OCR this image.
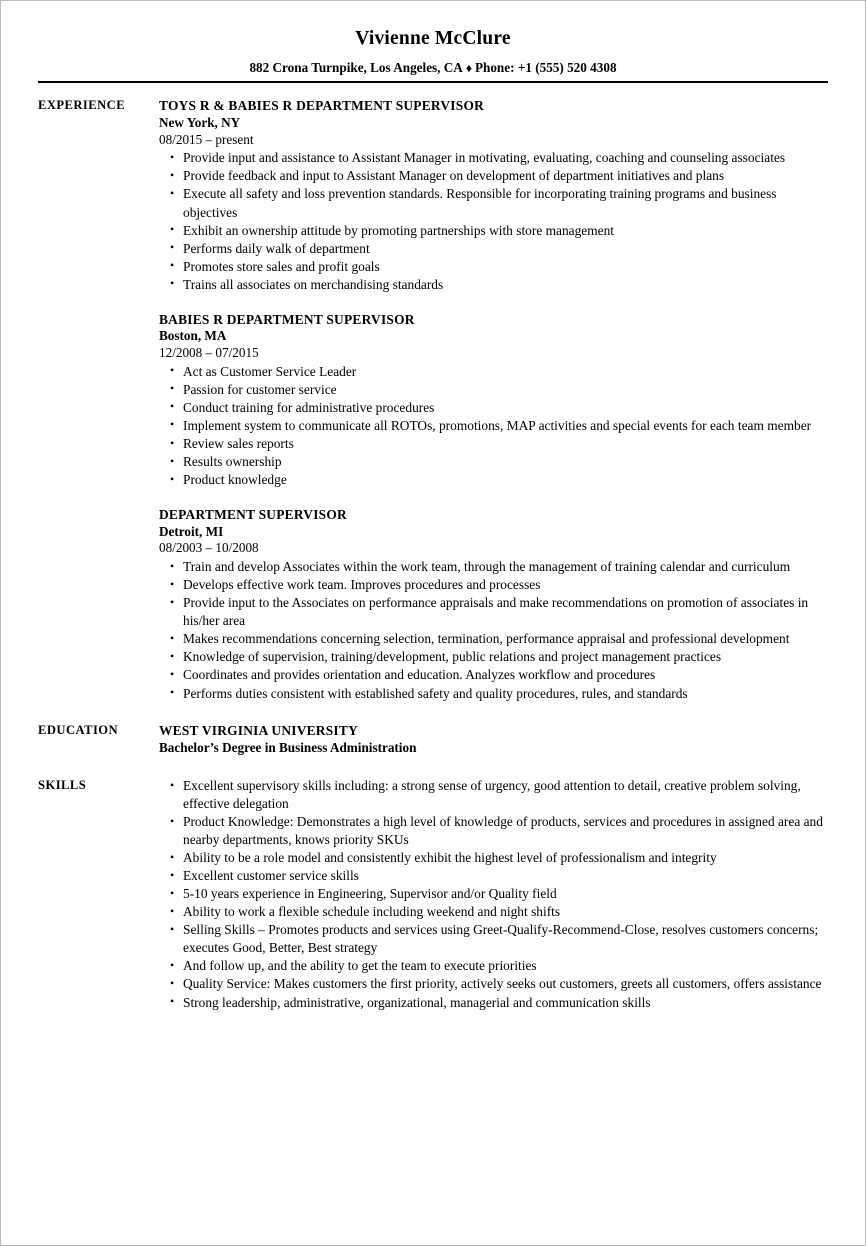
Vivienne McClure
882 Crona Turnpike, Los Angeles, CA ♦ Phone: +1 (555) 520 4308
EXPERIENCE	TOYS R & BABIES R DEPARTMENT SUPERVISOR
New York, NY
08/2015 – present
• Provide input and assistance to Assistant Manager in motivating, evaluating, coaching and counseling associates
• Provide feedback and input to Assistant Manager on development of department initiatives and plans
• Execute all safety and loss prevention standards. Responsible for incorporating training programs and business objectives
• Exhibit an ownership attitude by promoting partnerships with store management
• Performs daily walk of department
• Promotes store sales and profit goals
• Trains all associates on merchandising standards
BABIES R DEPARTMENT SUPERVISOR
Boston, MA
12/2008 – 07/2015
• Act as Customer Service Leader
• Passion for customer service
• Conduct training for administrative procedures
• Implement system to communicate all ROTOs, promotions, MAP activities and special events for each team member
• Review sales reports
• Results ownership
• Product knowledge
DEPARTMENT SUPERVISOR
Detroit, MI
08/2003 – 10/2008
• Train and develop Associates within the work team, through the management of training calendar and curriculum
• Develops effective work team. Improves procedures and processes
• Provide input to the Associates on performance appraisals and make recommendations on promotion of associates in his/her area
• Makes recommendations concerning selection, termination, performance appraisal and professional development
• Knowledge of supervision, training/development, public relations and project management practices
• Coordinates and provides orientation and education. Analyzes workflow and procedures
• Performs duties consistent with established safety and quality procedures, rules, and standards
EDUCATION	WEST VIRGINIA UNIVERSITY
Bachelor’s Degree in Business Administration
SKILLS	• Excellent supervisory skills including: a strong sense of urgency, good attention to detail, creative problem solving, effective delegation
• Product Knowledge: Demonstrates a high level of knowledge of products, services and procedures in assigned area and nearby departments, knows priority SKUs
• Ability to be a role model and consistently exhibit the highest level of professionalism and integrity
• Excellent customer service skills
• 5-10 years experience in Engineering, Supervisor and/or Quality field
• Ability to work a flexible schedule including weekend and night shifts
• Selling Skills – Promotes products and services using Greet-Qualify-Recommend-Close, resolves customers concerns; executes Good, Better, Best strategy
• And follow up, and the ability to get the team to execute priorities
• Quality Service: Makes customers the first priority, actively seeks out customers, greets all customers, offers assistance
• Strong leadership, administrative, organizational, managerial and communication skills
